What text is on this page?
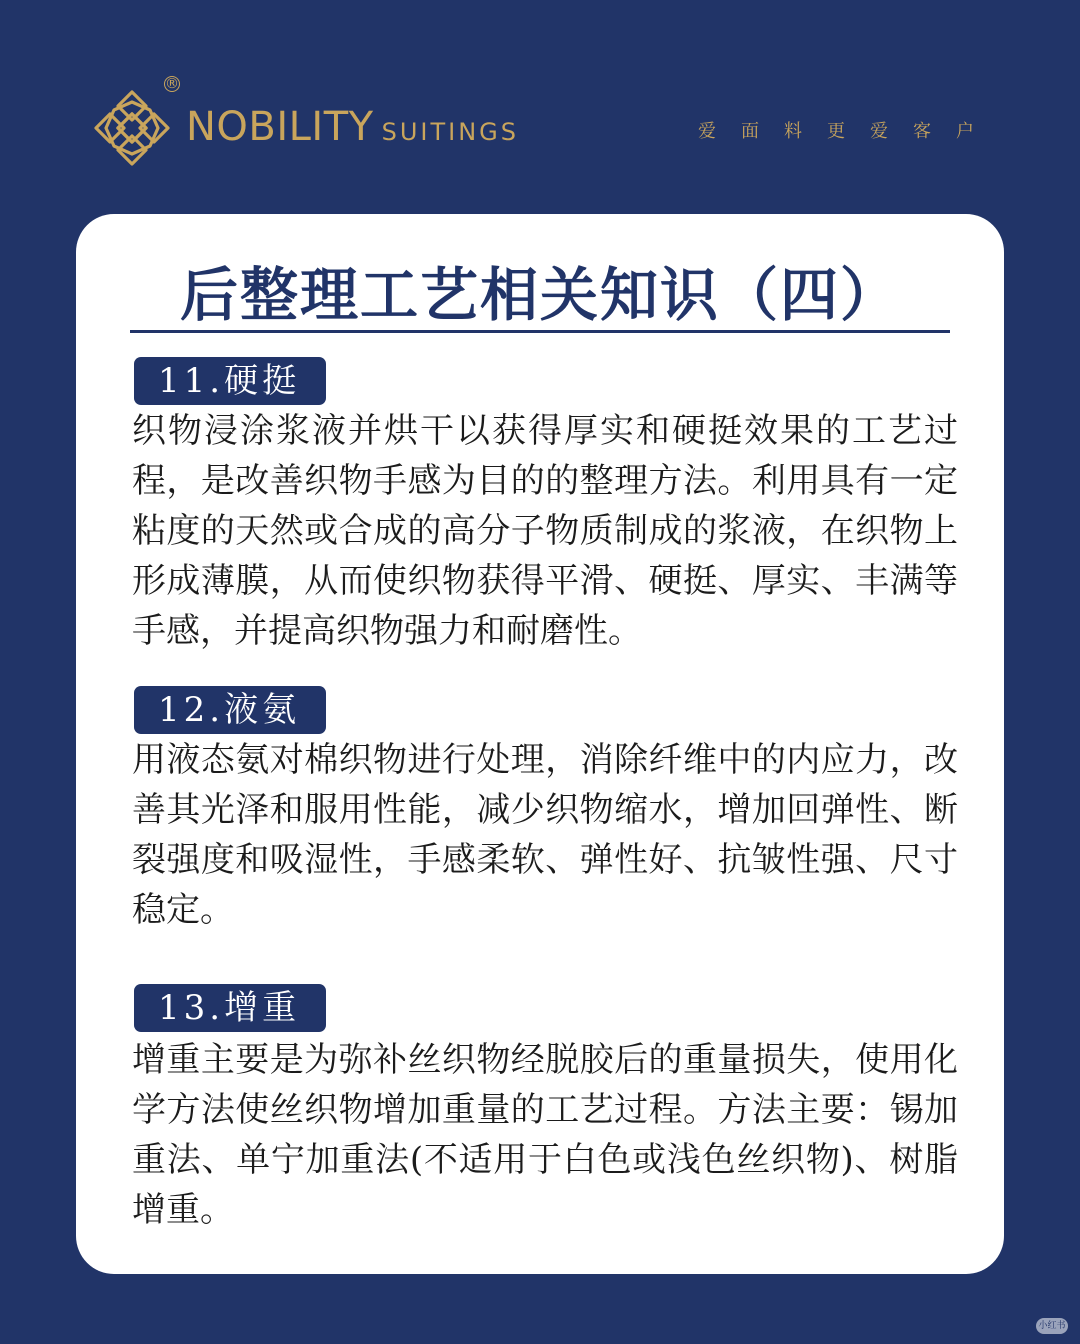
®
NOBILITY SUITINGS	爱面料更爱客户
后整理工艺相关知识（四）
11.硬挺

织物浸涂浆液并烘干以获得厚实和硬挺效果的工艺过程，是改善织物手感为目的的整理方法。利用具有一定粘度的天然或合成的高分子物质制成的浆液，在织物上形成薄膜，从而使织物获得平滑、硬挺、厚实、丰满等手感，并提高织物强力和耐磨性。

12.液氨

用液态氨对棉织物进行处理，消除纤维中的内应力，改善其光泽和服用性能，减少织物缩水，增加回弹性、断裂强度和吸湿性，手感柔软、弹性好、抗皱性强、尺寸稳定。

13.增重

增重主要是为弥补丝织物经脱胶后的重量损失，使用化学方法使丝织物增加重量的工艺过程。方法主要：锡加重法、单宁加重法(不适用于白色或浅色丝织物)、树脂增重。

小红书
